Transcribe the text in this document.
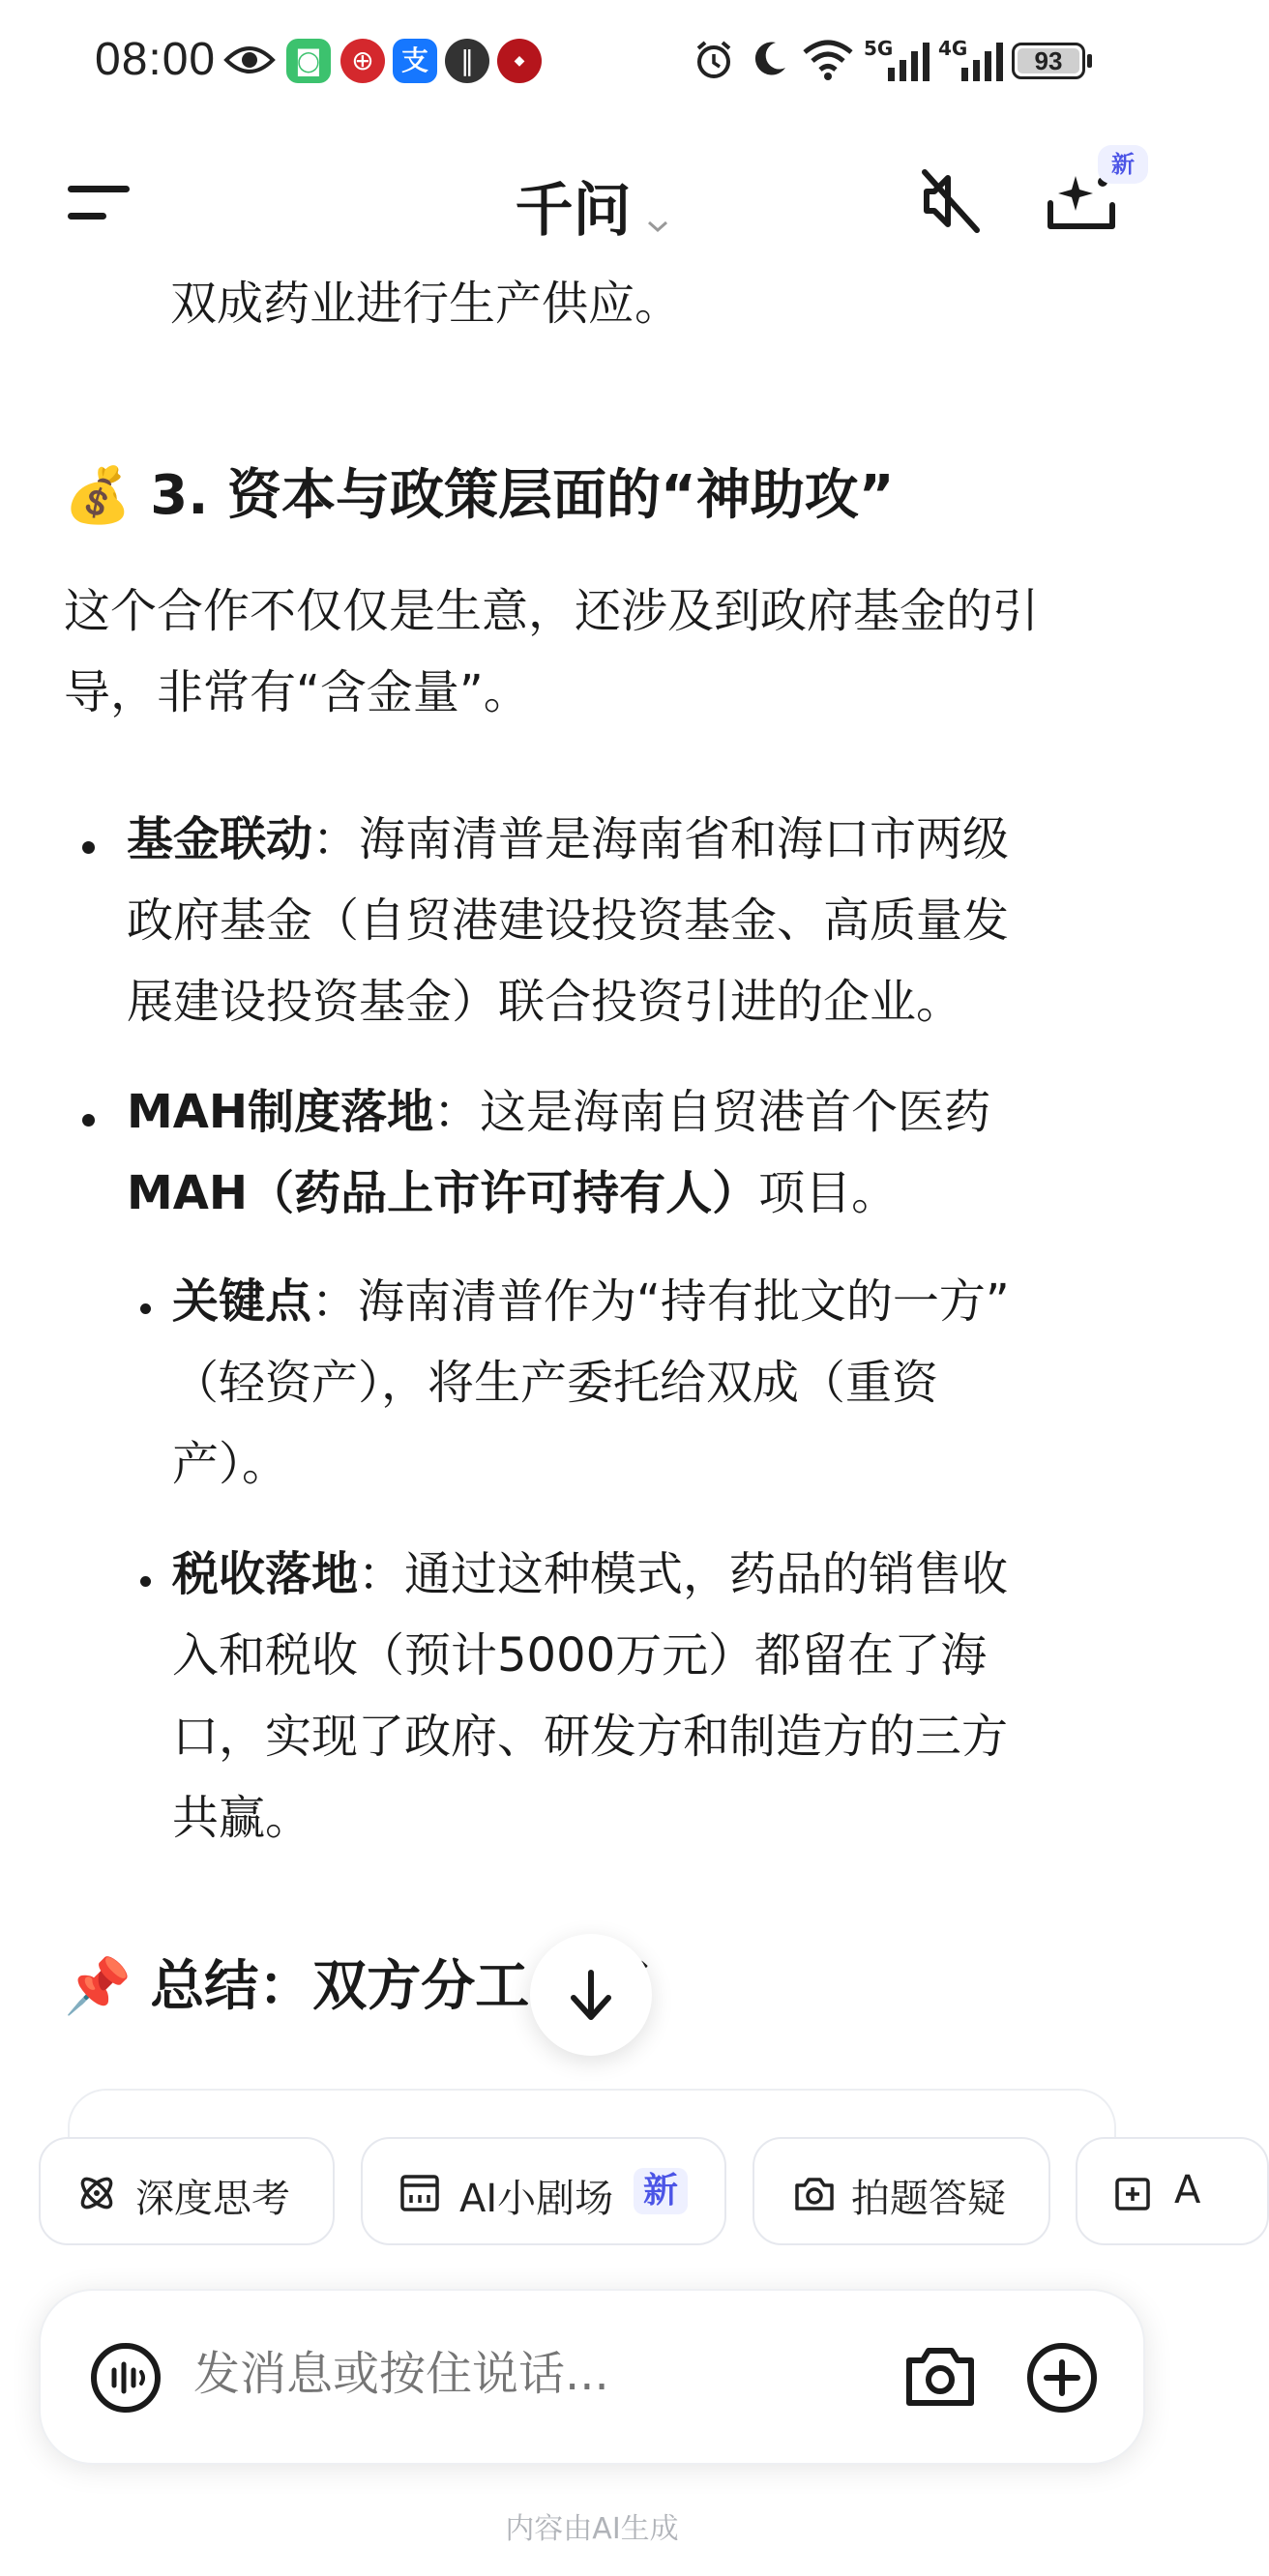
08:00	◙	⊕	支	‖	◆
5G 4G	93
千问
新
双成药业进行生产供应。
💰 3. 资本与政策层面的“神助攻”
这个合作不仅仅是生意，还涉及到政府基金的引
导，非常有“含金量”。
基金联动：海南清普是海南省和海口市两级
政府基金（自贸港建设投资基金、高质量发
展建设投资基金）联合投资引进的企业。
MAH制度落地：这是海南自贸港首个医药
MAH（药品上市许可持有人）项目。
关键点：海南清普作为“持有批文的一方”
（轻资产），将生产委托给双成（重资
产）。
税收落地：通过这种模式，药品的销售收
入和税收（预计5000万元）都留在了海
口，实现了政府、研发方和制造方的三方
共赢。
📌 总结：双方分工
深度思考	AI小剧场 新	拍题答疑	A
发消息或按住说话...
内容由AI生成
